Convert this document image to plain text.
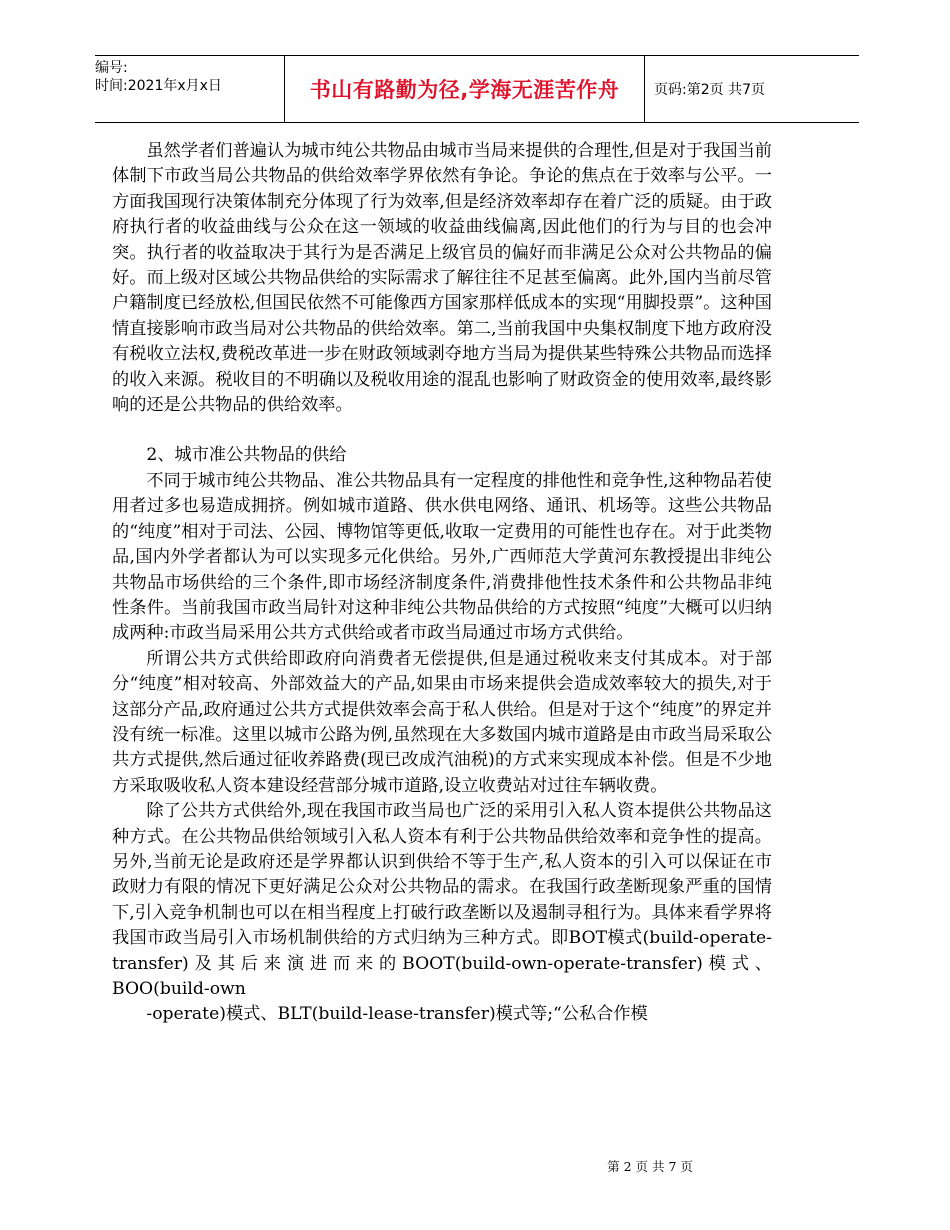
编号:
时间:2021年x月x日	书山有路勤为径,学海无涯苦作舟	页码:第2页 共7页

虽然学者们普遍认为城市纯公共物品由城市当局来提供的合理性,但是对于我国当前体制下市政当局公共物品的供给效率学界依然有争论。争论的焦点在于效率与公平。一方面我国现行决策体制充分体现了行为效率,但是经济效率却存在着广泛的质疑。由于政府执行者的收益曲线与公众在这一领域的收益曲线偏离,因此他们的行为与目的也会冲突。执行者的收益取决于其行为是否满足上级官员的偏好而非满足公众对公共物品的偏好。而上级对区域公共物品供给的实际需求了解往往不足甚至偏离。此外,国内当前尽管户籍制度已经放松,但国民依然不可能像西方国家那样低成本的实现“用脚投票”。这种国情直接影响市政当局对公共物品的供给效率。第二,当前我国中央集权制度下地方政府没有税收立法权,费税改革进一步在财政领域剥夺地方当局为提供某些特殊公共物品而选择的收入来源。税收目的不明确以及税收用途的混乱也影响了财政资金的使用效率,最终影响的还是公共物品的供给效率。

2、城市准公共物品的供给

不同于城市纯公共物品、准公共物品具有一定程度的排他性和竞争性,这种物品若使用者过多也易造成拥挤。例如城市道路、供水供电网络、通讯、机场等。这些公共物品的“纯度”相对于司法、公园、博物馆等更低,收取一定费用的可能性也存在。对于此类物品,国内外学者都认为可以实现多元化供给。另外,广西师范大学黄河东教授提出非纯公共物品市场供给的三个条件,即市场经济制度条件,消费排他性技术条件和公共物品非纯性条件。当前我国市政当局针对这种非纯公共物品供给的方式按照“纯度”大概可以归纳成两种:市政当局采用公共方式供给或者市政当局通过市场方式供给。

所谓公共方式供给即政府向消费者无偿提供,但是通过税收来支付其成本。对于部分“纯度”相对较高、外部效益大的产品,如果由市场来提供会造成效率较大的损失,对于这部分产品,政府通过公共方式提供效率会高于私人供给。但是对于这个“纯度”的界定并没有统一标准。这里以城市公路为例,虽然现在大多数国内城市道路是由市政当局采取公共方式提供,然后通过征收养路费(现已改成汽油税)的方式来实现成本补偿。但是不少地方采取吸收私人资本建设经营部分城市道路,设立收费站对过往车辆收费。

除了公共方式供给外,现在我国市政当局也广泛的采用引入私人资本提供公共物品这种方式。在公共物品供给领域引入私人资本有利于公共物品供给效率和竞争性的提高。另外,当前无论是政府还是学界都认识到供给不等于生产,私人资本的引入可以保证在市政财力有限的情况下更好满足公众对公共物品的需求。在我国行政垄断现象严重的国情下,引入竞争机制也可以在相当程度上打破行政垄断以及遏制寻租行为。具体来看学界将我国市政当局引入市场机制供给的方式归纳为三种方式。即BOT模式(build-operate-transfer)及其后来演进而来的BOOT(build-own-operate-transfer)模式、BOO(build-own

-operate)模式、BLT(build-lease-transfer)模式等;“公私合作模

第 2 页 共 7 页
